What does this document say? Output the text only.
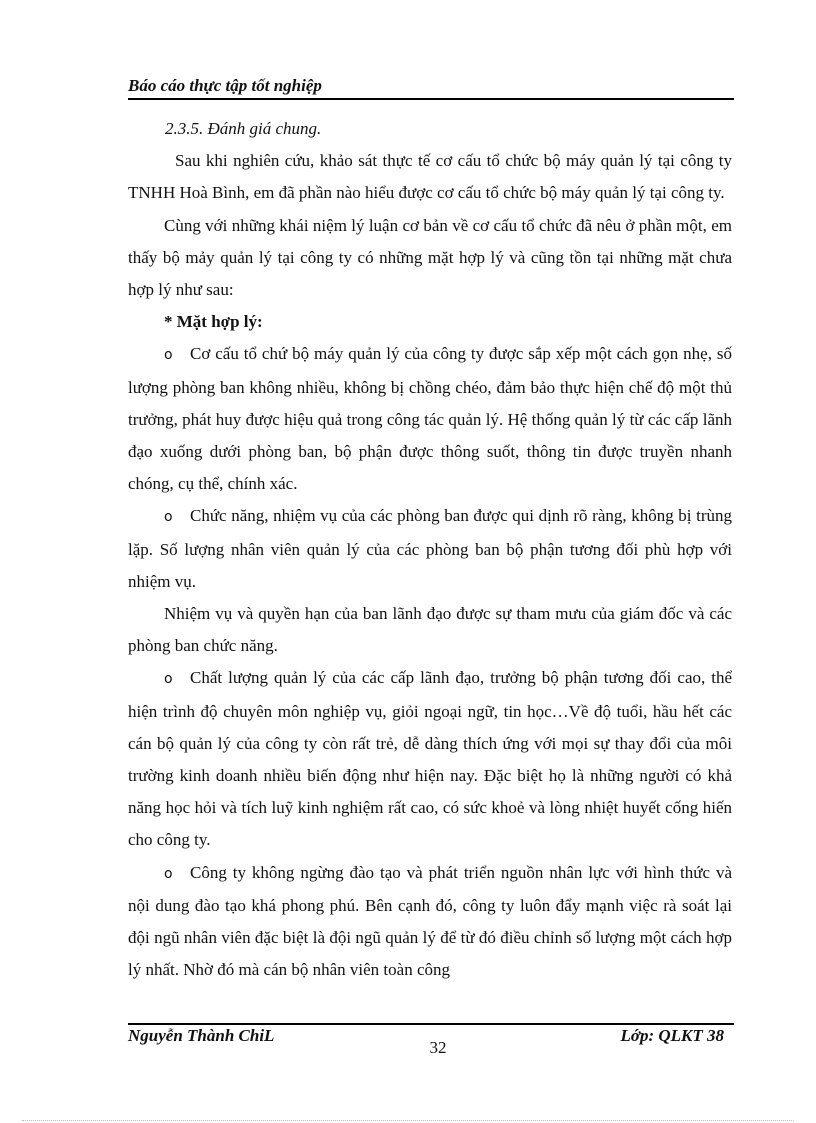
Báo cáo thực tập tốt nghiệp

2.3.5. Đánh giá chung.

Sau khi nghiên cứu, khảo sát thực tế cơ cấu tổ chức bộ máy quản lý tại công ty TNHH Hoà Bình, em đã phần nào hiểu được cơ cấu tổ chức bộ máy quản lý tại công ty.

Cùng với những khái niệm lý luận cơ bản về cơ cấu tổ chức đã nêu ở phần một, em thấy bộ mảy quản lý tại công ty có những mặt hợp lý và cũng tồn tại những mặt chưa hợp lý như sau:

* Mặt hợp lý:

o Cơ cấu tổ chứ bộ máy quản lý của công ty được sắp xếp một cách gọn nhẹ, số lượng phòng ban không nhiều, không bị chồng chéo, đảm bảo thực hiện chế độ một thủ trưởng, phát huy được hiệu quả trong công tác quản lý. Hệ thống quản lý từ các cấp lãnh đạo xuống dưới phòng ban, bộ phận được thông suốt, thông tin được truyền nhanh chóng, cụ thể, chính xác.

o Chức năng, nhiệm vụ của các phòng ban được qui dịnh rõ ràng, không bị trùng lặp. Số lượng nhân viên quản lý của các phòng ban bộ phận tương đối phù hợp với nhiệm vụ.

Nhiệm vụ và quyền hạn của ban lãnh đạo được sự tham mưu của giám đốc và các phòng ban chức năng.

o Chất lượng quản lý của các cấp lãnh đạo, trưởng bộ phận tương đối cao, thể hiện trình độ chuyên môn nghiệp vụ, giỏi ngoại ngữ, tin học…Về độ tuổi, hầu hết các cán bộ quản lý của công ty còn rất trẻ, dễ dàng thích ứng với mọi sự thay đổi của môi trường kinh doanh nhiều biến động như hiện nay. Đặc biệt họ là những người có khả năng học hỏi và tích luỹ kinh nghiệm rất cao, có sức khoẻ và lòng nhiệt huyết cống hiến cho công ty.

o Công ty không ngừng đào tạo và phát triển nguồn nhân lực với hình thức và nội dung đào tạo khá phong phú. Bên cạnh đó, công ty luôn đẩy mạnh việc rà soát lại đội ngũ nhân viên đặc biệt là đội ngũ quản lý để từ đó điều chỉnh số lượng một cách hợp lý nhất. Nhờ đó mà cán bộ nhân viên toàn công

Nguyễn Thành ChiL	Lớp: QLKT 38
32
